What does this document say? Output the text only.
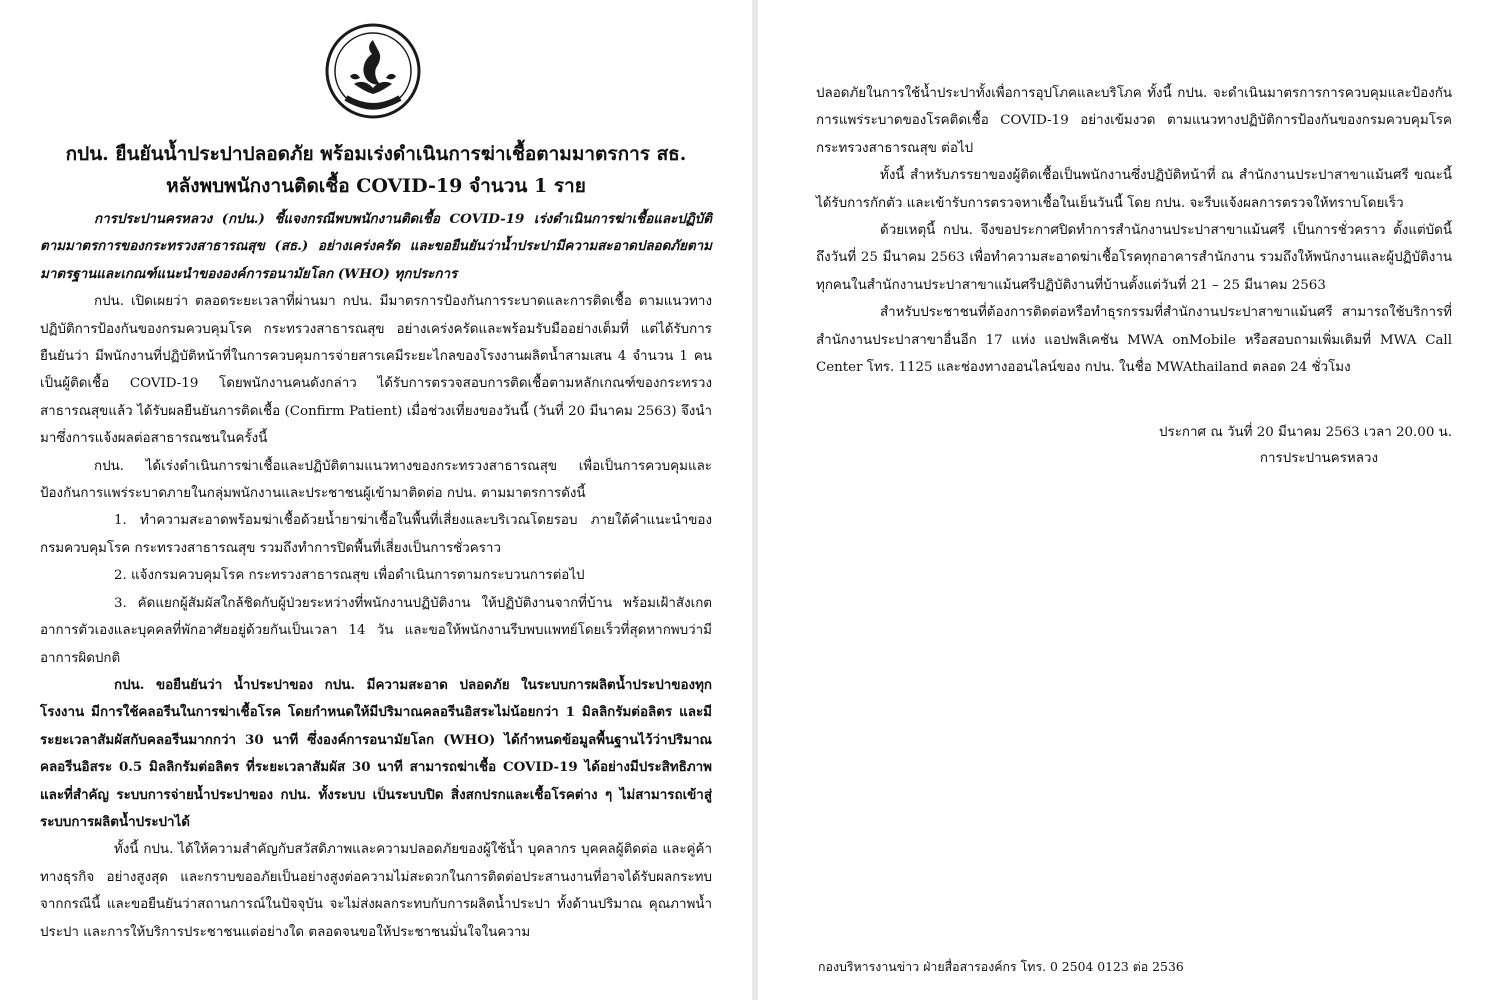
กปน. ยืนยันน้ำประปาปลอดภัย พร้อมเร่งดำเนินการฆ่าเชื้อตามมาตรการ สธ.
หลังพบพนักงานติดเชื้อ COVID-19 จำนวน 1 ราย

การประปานครหลวง (กปน.) ชี้แจงกรณีพบพนักงานติดเชื้อ COVID-19 เร่งดำเนินการฆ่าเชื้อและปฏิบัติตามมาตรการของกระทรวงสาธารณสุข (สธ.) อย่างเคร่งครัด และขอยืนยันว่าน้ำประปามีความสะอาดปลอดภัยตามมาตรฐานและเกณฑ์แนะนำขององค์การอนามัยโลก (WHO) ทุกประการ

กปน. เปิดเผยว่า ตลอดระยะเวลาที่ผ่านมา กปน. มีมาตรการป้องกันการระบาดและการติดเชื้อ ตามแนวทางปฏิบัติการป้องกันของกรมควบคุมโรค กระทรวงสาธารณสุข อย่างเคร่งครัดและพร้อมรับมืออย่างเต็มที่ แต่ได้รับการยืนยันว่า มีพนักงานที่ปฏิบัติหน้าที่ในการควบคุมการจ่ายสารเคมีระยะไกลของโรงงานผลิตน้ำสามเสน 4 จำนวน 1 คน เป็นผู้ติดเชื้อ COVID-19 โดยพนักงานคนดังกล่าว ได้รับการตรวจสอบการติดเชื้อตามหลักเกณฑ์ของกระทรวงสาธารณสุขแล้ว ได้รับผลยืนยันการติดเชื้อ (Confirm Patient) เมื่อช่วงเที่ยงของวันนี้ (วันที่ 20 มีนาคม 2563) จึงนำมาซึ่งการแจ้งผลต่อสาธารณชนในครั้งนี้

กปน. ได้เร่งดำเนินการฆ่าเชื้อและปฏิบัติตามแนวทางของกระทรวงสาธารณสุข เพื่อเป็นการควบคุมและป้องกันการแพร่ระบาดภายในกลุ่มพนักงานและประชาชนผู้เข้ามาติดต่อ กปน. ตามมาตรการดังนี้

1. ทำความสะอาดพร้อมฆ่าเชื้อด้วยน้ำยาฆ่าเชื้อในพื้นที่เสี่ยงและบริเวณโดยรอบ ภายใต้คำแนะนำของกรมควบคุมโรค กระทรวงสาธารณสุข รวมถึงทำการปิดพื้นที่เสี่ยงเป็นการชั่วคราว

2. แจ้งกรมควบคุมโรค กระทรวงสาธารณสุข เพื่อดำเนินการตามกระบวนการต่อไป

3. คัดแยกผู้สัมผัสใกล้ชิดกับผู้ป่วยระหว่างที่พนักงานปฏิบัติงาน ให้ปฏิบัติงานจากที่บ้าน พร้อมเฝ้าสังเกตอาการตัวเองและบุคคลที่พักอาศัยอยู่ด้วยกันเป็นเวลา 14 วัน และขอให้พนักงานรีบพบแพทย์โดยเร็วที่สุดหากพบว่ามีอาการผิดปกติ

กปน. ขอยืนยันว่า น้ำประปาของ กปน. มีความสะอาด ปลอดภัย ในระบบการผลิตน้ำประปาของทุกโรงงาน มีการใช้คลอรีนในการฆ่าเชื้อโรค โดยกำหนดให้มีปริมาณคลอรีนอิสระไม่น้อยกว่า 1 มิลลิกรัมต่อลิตร และมีระยะเวลาสัมผัสกับคลอรีนมากกว่า 30 นาที ซึ่งองค์การอนามัยโลก (WHO) ได้กำหนดข้อมูลพื้นฐานไว้ว่าปริมาณคลอรีนอิสระ 0.5 มิลลิกรัมต่อลิตร ที่ระยะเวลาสัมผัส 30 นาที สามารถฆ่าเชื้อ COVID-19 ได้อย่างมีประสิทธิภาพ และที่สำคัญ ระบบการจ่ายน้ำประปาของ กปน. ทั้งระบบ เป็นระบบปิด สิ่งสกปรกและเชื้อโรคต่าง ๆ ไม่สามารถเข้าสู่ระบบการผลิตน้ำประปาได้

ทั้งนี้ กปน. ได้ให้ความสำคัญกับสวัสดิภาพและความปลอดภัยของผู้ใช้น้ำ บุคลากร บุคคลผู้ติดต่อ และคู่ค้าทางธุรกิจ อย่างสูงสุด และกราบขออภัยเป็นอย่างสูงต่อความไม่สะดวกในการติดต่อประสานงานที่อาจได้รับผลกระทบจากกรณีนี้ และขอยืนยันว่าสถานการณ์ในปัจจุบัน จะไม่ส่งผลกระทบกับการผลิตน้ำประปา ทั้งด้านปริมาณ คุณภาพน้ำประปา และการให้บริการประชาชนแต่อย่างใด ตลอดจนขอให้ประชาชนมั่นใจในความ

ปลอดภัยในการใช้น้ำประปาทั้งเพื่อการอุปโภคและบริโภค ทั้งนี้ กปน. จะดำเนินมาตรการการควบคุมและป้องกันการแพร่ระบาดของโรคติดเชื้อ COVID-19 อย่างเข้มงวด ตามแนวทางปฏิบัติการป้องกันของกรมควบคุมโรค กระทรวงสาธารณสุข ต่อไป

ทั้งนี้ สำหรับภรรยาของผู้ติดเชื้อเป็นพนักงานซึ่งปฏิบัติหน้าที่ ณ สำนักงานประปาสาขาแม้นศรี ขณะนี้ได้รับการกักตัว และเข้ารับการตรวจหาเชื้อในเย็นวันนี้ โดย กปน. จะรีบแจ้งผลการตรวจให้ทราบโดยเร็ว

ด้วยเหตุนี้ กปน. จึงขอประกาศปิดทำการสำนักงานประปาสาขาแม้นศรี เป็นการชั่วคราว ตั้งแต่บัดนี้ ถึงวันที่ 25 มีนาคม 2563 เพื่อทำความสะอาดฆ่าเชื้อโรคทุกอาคารสำนักงาน รวมถึงให้พนักงานและผู้ปฏิบัติงานทุกคนในสำนักงานประปาสาขาแม้นศรีปฏิบัติงานที่บ้านตั้งแต่วันที่ 21 – 25 มีนาคม 2563

สำหรับประชาชนที่ต้องการติดต่อหรือทำธุรกรรมที่สำนักงานประปาสาขาแม้นศรี สามารถใช้บริการที่สำนักงานประปาสาขาอื่นอีก 17 แห่ง แอปพลิเคชัน MWA onMobile หรือสอบถามเพิ่มเติมที่ MWA Call Center โทร. 1125 และช่องทางออนไลน์ของ กปน. ในชื่อ MWAthailand ตลอด 24 ชั่วโมง

ประกาศ ณ วันที่ 20 มีนาคม 2563 เวลา 20.00 น.
การประปานครหลวง
กองบริหารงานข่าว ฝ่ายสื่อสารองค์กร โทร. 0 2504 0123 ต่อ 2536
